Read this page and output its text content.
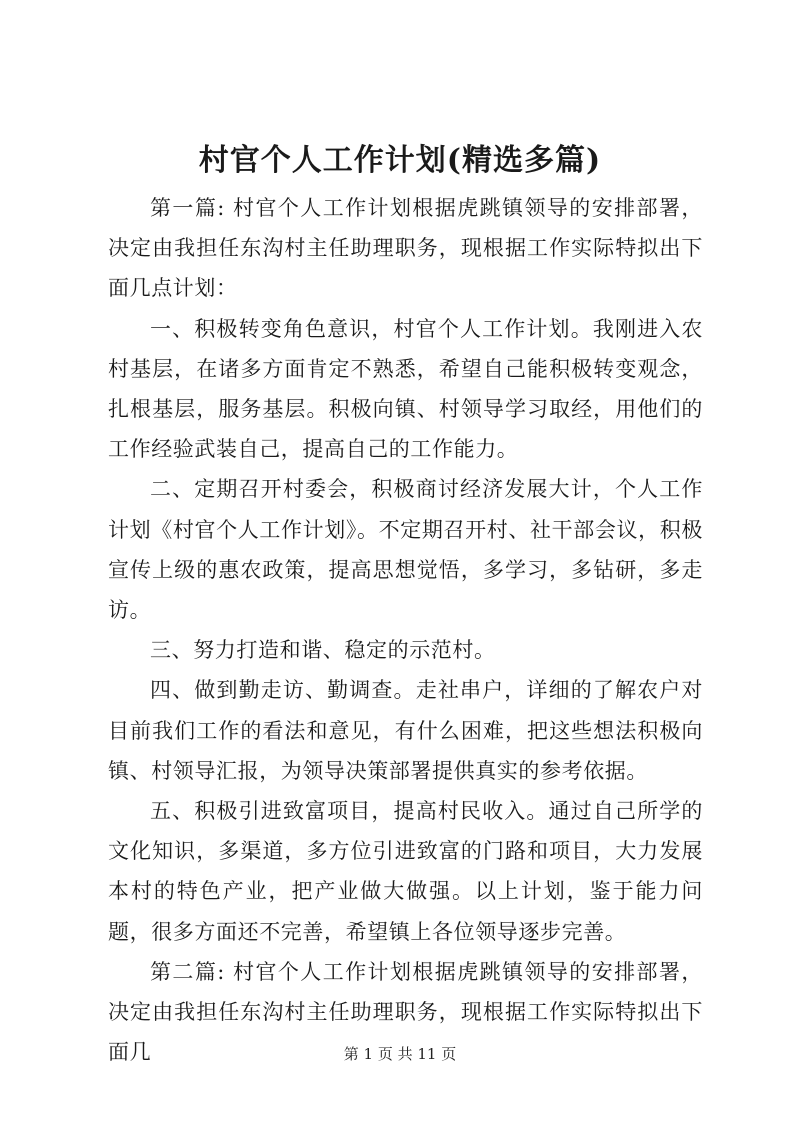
村官个人工作计划(精选多篇)

第一篇: 村官个人工作计划根据虎跳镇领导的安排部署，决定由我担任东沟村主任助理职务，现根据工作实际特拟出下面几点计划：

一、积极转变角色意识，村官个人工作计划。我刚进入农村基层，在诸多方面肯定不熟悉，希望自己能积极转变观念，扎根基层，服务基层。积极向镇、村领导学习取经，用他们的工作经验武装自己，提高自己的工作能力。

二、定期召开村委会，积极商讨经济发展大计，个人工作计划《村官个人工作计划》。不定期召开村、社干部会议，积极宣传上级的惠农政策，提高思想觉悟，多学习，多钻研，多走访。

三、努力打造和谐、稳定的示范村。

四、做到勤走访、勤调查。走社串户，详细的了解农户对目前我们工作的看法和意见，有什么困难，把这些想法积极向镇、村领导汇报，为领导决策部署提供真实的参考依据。

五、积极引进致富项目，提高村民收入。通过自己所学的文化知识，多渠道，多方位引进致富的门路和项目，大力发展本村的特色产业，把产业做大做强。以上计划，鉴于能力问题，很多方面还不完善，希望镇上各位领导逐步完善。

第二篇: 村官个人工作计划根据虎跳镇领导的安排部署，决定由我担任东沟村主任助理职务，现根据工作实际特拟出下面几	第 1 页 共 11 页
